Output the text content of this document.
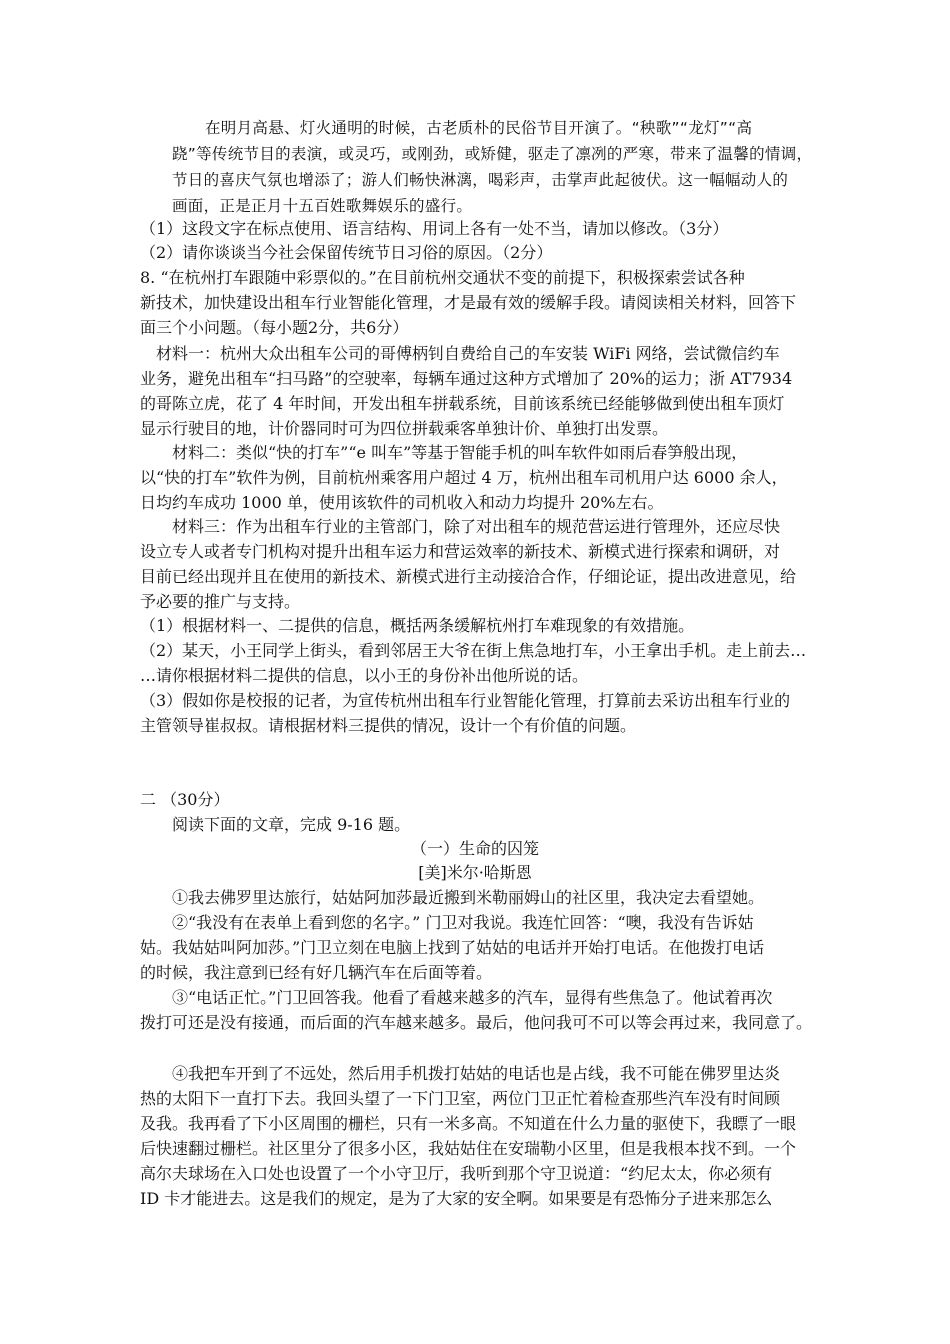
在明月高悬、灯火通明的时候，古老质朴的民俗节目开演了。“秧歌”“龙灯”“高
跷”等传统节目的表演，或灵巧，或刚劲，或矫健，驱走了凛冽的严寒，带来了温馨的情调，
节日的喜庆气氛也增添了；游人们畅快淋漓，喝彩声，击掌声此起彼伏。这一幅幅动人的
画面，正是正月十五百姓歌舞娱乐的盛行。
（1）这段文字在标点使用、语言结构、用词上各有一处不当，请加以修改。（3分）
（2）请你谈谈当今社会保留传统节日习俗的原因。（2分）
8. “在杭州打车跟随中彩票似的。”在目前杭州交通状不变的前提下，积极探索尝试各种
新技术，加快建设出租车行业智能化管理，才是最有效的缓解手段。请阅读相关材料，回答下
面三个小问题。（每小题2分，共6分）
材料一：杭州大众出租车公司的哥傅柄钊自费给自己的车安装 WiFi 网络，尝试微信约车
业务，避免出租车“扫马路”的空驶率，每辆车通过这种方式增加了 20%的运力；浙 AT7934
的哥陈立虎，花了 4 年时间，开发出租车拼载系统，目前该系统已经能够做到使出租车顶灯
显示行驶目的地，计价器同时可为四位拼载乘客单独计价、单独打出发票。
材料二：类似“快的打车”“e 叫车”等基于智能手机的叫车软件如雨后春笋般出现，
以“快的打车”软件为例，目前杭州乘客用户超过 4 万，杭州出租车司机用户达 6000 余人，
日均约车成功 1000 单，使用该软件的司机收入和动力均提升 20%左右。
材料三：作为出租车行业的主管部门，除了对出租车的规范营运进行管理外，还应尽快
设立专人或者专门机构对提升出租车运力和营运效率的新技术、新模式进行探索和调研，对
目前已经出现并且在使用的新技术、新模式进行主动接洽合作，仔细论证，提出改进意见，给
予必要的推广与支持。
（1）根据材料一、二提供的信息，概括两条缓解杭州打车难现象的有效措施。
（2）某天，小王同学上街头，看到邻居王大爷在街上焦急地打车，小王拿出手机。走上前去…
…请你根据材料二提供的信息，以小王的身份补出他所说的话。
（3）假如你是校报的记者，为宣传杭州出租车行业智能化管理，打算前去采访出租车行业的
主管领导崔叔叔。请根据材料三提供的情况，设计一个有价值的问题。
二 （30分）
阅读下面的文章，完成 9-16 题。
（一）生命的囚笼
[美]米尔·哈斯恩
①我去佛罗里达旅行，姑姑阿加莎最近搬到米勒丽姆山的社区里，我决定去看望她。
②“我没有在表单上看到您的名字。” 门卫对我说。我连忙回答：“噢，我没有告诉姑
姑。我姑姑叫阿加莎。”门卫立刻在电脑上找到了姑姑的电话并开始打电话。在他拨打电话
的时候，我注意到已经有好几辆汽车在后面等着。
③“电话正忙。”门卫回答我。他看了看越来越多的汽车，显得有些焦急了。他试着再次
拨打可还是没有接通，而后面的汽车越来越多。最后，他问我可不可以等会再过来，我同意了。
④我把车开到了不远处，然后用手机拨打姑姑的电话也是占线，我不可能在佛罗里达炎
热的太阳下一直打下去。我回头望了一下门卫室，两位门卫正忙着检查那些汽车没有时间顾
及我。我再看了下小区周围的栅栏，只有一米多高。不知道在什么力量的驱使下，我瞟了一眼
后快速翻过栅栏。社区里分了很多小区，我姑姑住在安瑞勒小区里，但是我根本找不到。一个
高尔夫球场在入口处也设置了一个小守卫厅，我听到那个守卫说道：“约尼太太，你必须有
ID 卡才能进去。这是我们的规定，是为了大家的安全啊。如果要是有恐怖分子进来那怎么
